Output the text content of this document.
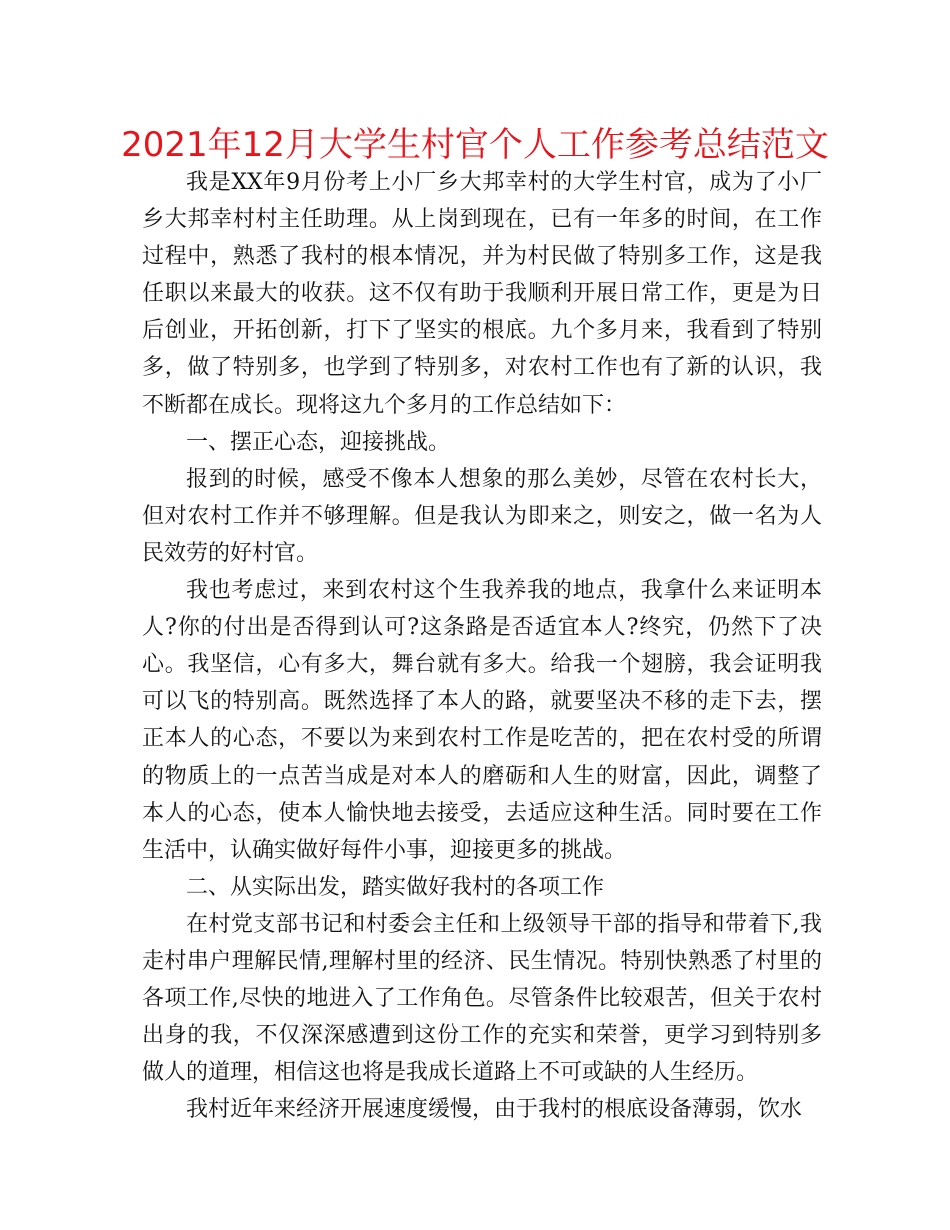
2021年12月大学生村官个人工作参考总结范文

我是XX年9月份考上小厂乡大邦幸村的大学生村官，成为了小厂乡大邦幸村村主任助理。从上岗到现在，已有一年多的时间，在工作过程中，熟悉了我村的根本情况，并为村民做了特别多工作，这是我任职以来最大的收获。这不仅有助于我顺利开展日常工作，更是为日后创业，开拓创新，打下了坚实的根底。九个多月来，我看到了特别多，做了特别多，也学到了特别多，对农村工作也有了新的认识，我不断都在成长。现将这九个多月的工作总结如下：

一、摆正心态，迎接挑战。

报到的时候，感受不像本人想象的那么美妙，尽管在农村长大，但对农村工作并不够理解。但是我认为即来之，则安之，做一名为人民效劳的好村官。

我也考虑过，来到农村这个生我养我的地点，我拿什么来证明本人?你的付出是否得到认可?这条路是否适宜本人?终究，仍然下了决心。我坚信，心有多大，舞台就有多大。给我一个翅膀，我会证明我可以飞的特别高。既然选择了本人的路，就要坚决不移的走下去，摆正本人的心态，不要以为来到农村工作是吃苦的，把在农村受的所谓的物质上的一点苦当成是对本人的磨砺和人生的财富，因此，调整了本人的心态，使本人愉快地去接受，去适应这种生活。同时要在工作生活中，认确实做好每件小事，迎接更多的挑战。

二、从实际出发，踏实做好我村的各项工作

在村党支部书记和村委会主任和上级领导干部的指导和带着下,我走村串户理解民情,理解村里的经济、民生情况。特别快熟悉了村里的各项工作,尽快的地进入了工作角色。尽管条件比较艰苦，但关于农村出身的我，不仅深深感遭到这份工作的充实和荣誉，更学习到特别多做人的道理，相信这也将是我成长道路上不可或缺的人生经历。

我村近年来经济开展速度缓慢，由于我村的根底设备薄弱，饮水
